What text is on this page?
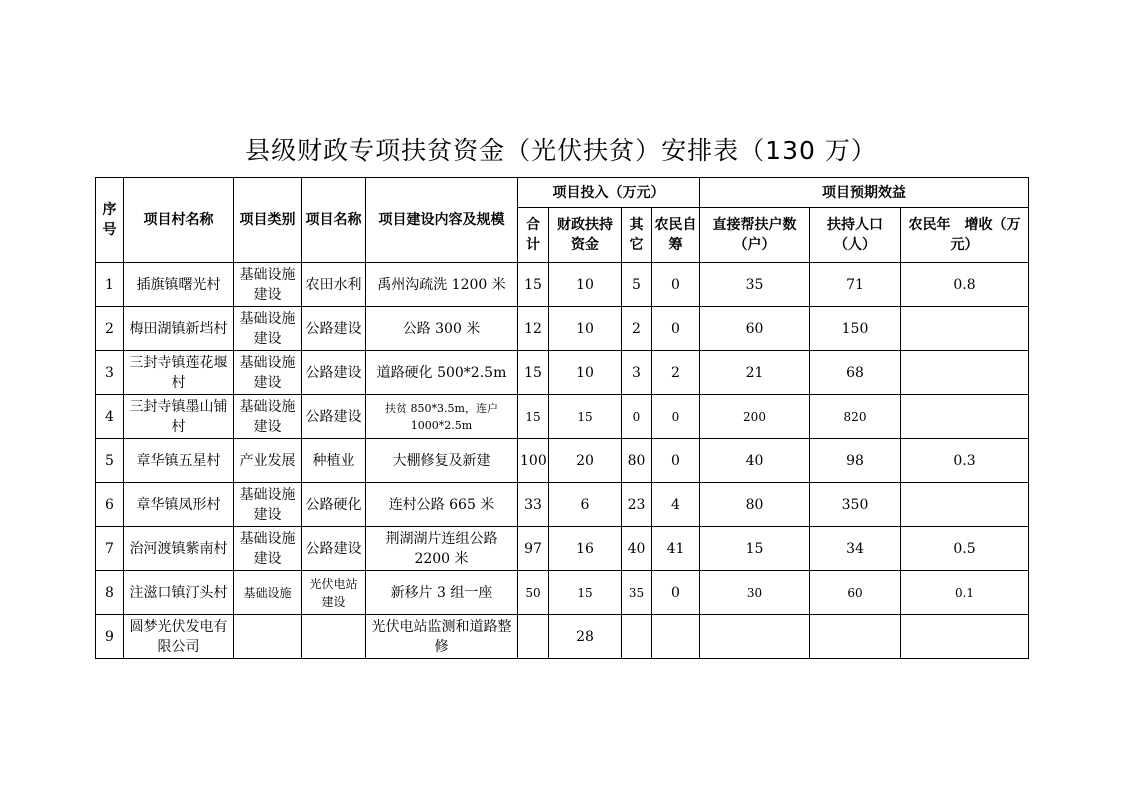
县级财政专项扶贫资金（光伏扶贫）安排表（130 万）
序号	项目村名称	项目类别	项目名称	项目建设内容及规模	项目投入（万元）				项目预期效益		
					合计	财政扶持资金	其它	农民自筹	直接帮扶户数（户）	扶持人口（人）	农民年　增收（万元）
1	插旗镇曙光村	基础设施建设	农田水利	禹州沟疏洗 1200 米	15	10	5	0	35	71	0.8
2	梅田湖镇新垱村	基础设施建设	公路建设	公路 300 米	12	10	2	0	60	150	
3	三封寺镇莲花堰村	基础设施建设	公路建设	道路硬化 500*2.5m	15	10	3	2	21	68	
4	三封寺镇墨山铺村	基础设施建设	公路建设	扶贫 850*3.5m，连户 1000*2.5m	15	15	0	0	200	820	
5	章华镇五星村	产业发展	种植业	大棚修复及新建	100	20	80	0	40	98	0.3
6	章华镇凤形村	基础设施建设	公路硬化	连村公路 665 米	33	6	23	4	80	350	
7	治河渡镇紫南村	基础设施建设	公路建设	荆湖湖片连组公路 2200 米	97	16	40	41	15	34	0.5
8	注滋口镇汀头村	基础设施	光伏电站建设	新移片 3 组一座	50	15	35	0	30	60	0.1
9	圆梦光伏发电有限公司			光伏电站监测和道路整修		28					
